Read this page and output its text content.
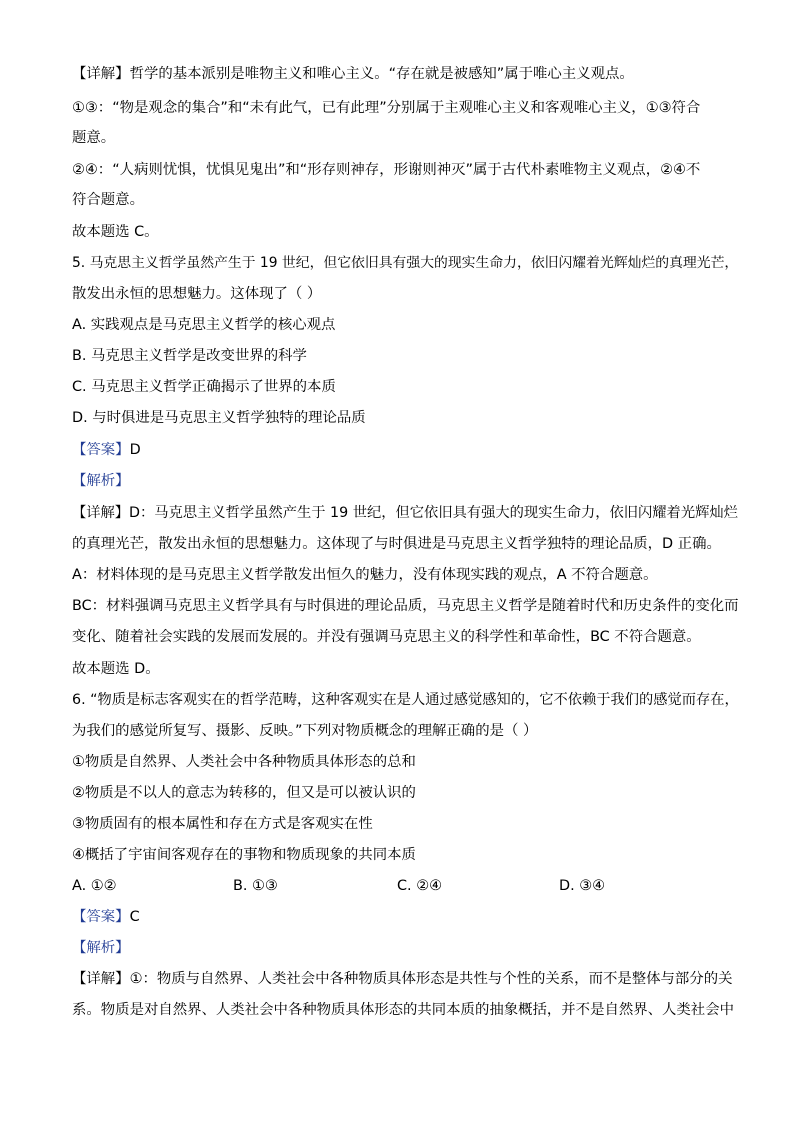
【详解】哲学的基本派别是唯物主义和唯心主义。“存在就是被感知”属于唯心主义观点。
①③：“物是观念的集合”和“未有此气，已有此理”分别属于主观唯心主义和客观唯心主义，①③符合
题意。
②④：“人病则忧惧，忧惧见鬼出”和“形存则神存，形谢则神灭”属于古代朴素唯物主义观点，②④不
符合题意。
故本题选 C。
5. 马克思主义哲学虽然产生于 19 世纪，但它依旧具有强大的现实生命力，依旧闪耀着光辉灿烂的真理光芒，
散发出永恒的思想魅力。这体现了（ ）
A. 实践观点是马克思主义哲学的核心观点
B. 马克思主义哲学是改变世界的科学
C. 马克思主义哲学正确揭示了世界的本质
D. 与时俱进是马克思主义哲学独特的理论品质
【答案】D
【解析】
【详解】D：马克思主义哲学虽然产生于 19 世纪，但它依旧具有强大的现实生命力，依旧闪耀着光辉灿烂
的真理光芒，散发出永恒的思想魅力。这体现了与时俱进是马克思主义哲学独特的理论品质，D 正确。
A：材料体现的是马克思主义哲学散发出恒久的魅力，没有体现实践的观点，A 不符合题意。
BC：材料强调马克思主义哲学具有与时俱进的理论品质，马克思主义哲学是随着时代和历史条件的变化而
变化、随着社会实践的发展而发展的。并没有强调马克思主义的科学性和革命性，BC 不符合题意。
故本题选 D。
6. “物质是标志客观实在的哲学范畴，这种客观实在是人通过感觉感知的，它不依赖于我们的感觉而存在，
为我们的感觉所复写、摄影、反映。”下列对物质概念的理解正确的是（ ）
①物质是自然界、人类社会中各种物质具体形态的总和
②物质是不以人的意志为转移的，但又是可以被认识的
③物质固有的根本属性和存在方式是客观实在性
④概括了宇宙间客观存在的事物和物质现象的共同本质
A. ①②	B. ①③	C. ②④	D. ③④
【答案】C
【解析】
【详解】①：物质与自然界、人类社会中各种物质具体形态是共性与个性的关系，而不是整体与部分的关
系。物质是对自然界、人类社会中各种物质具体形态的共同本质的抽象概括，并不是自然界、人类社会中
